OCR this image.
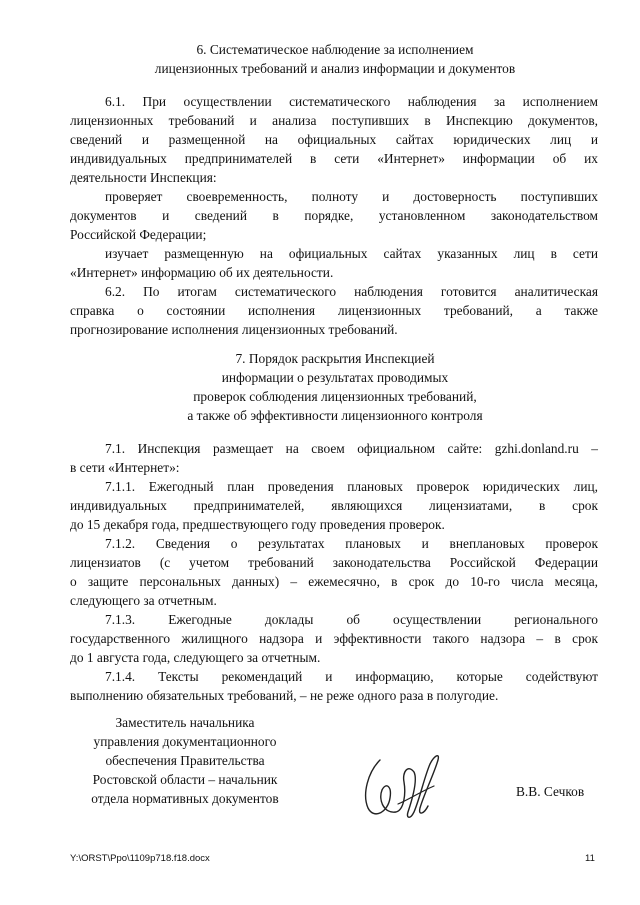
6. Систематическое наблюдение за исполнением
лицензионных требований и анализ информации и документов
6.1. При осуществлении систематического наблюдения за исполнением
лицензионных требований и анализа поступивших в Инспекцию документов,
сведений и размещенной на официальных сайтах юридических лиц и
индивидуальных предпринимателей в сети «Интернет» информации об их
деятельности Инспекция:
проверяет своевременность, полноту и достоверность поступивших
документов и сведений в порядке, установленном законодательством
Российской Федерации;
изучает размещенную на официальных сайтах указанных лиц в сети
«Интернет» информацию об их деятельности.
6.2. По итогам систематического наблюдения готовится аналитическая
справка о состоянии исполнения лицензионных требований, а также
прогнозирование исполнения лицензионных требований.
7. Порядок раскрытия Инспекцией
информации о результатах проводимых
проверок соблюдения лицензионных требований,
а также об эффективности лицензионного контроля
7.1. Инспекция размещает на своем официальном сайте: gzhi.donland.ru –
в сети «Интернет»:
7.1.1. Ежегодный план проведения плановых проверок юридических лиц,
индивидуальных предпринимателей, являющихся лицензиатами, в срок
до 15 декабря года, предшествующего году проведения проверок.
7.1.2. Сведения о результатах плановых и внеплановых проверок
лицензиатов (с учетом требований законодательства Российской Федерации
о защите персональных данных) – ежемесячно, в срок до 10-го числа месяца,
следующего за отчетным.
7.1.3. Ежегодные доклады об осуществлении регионального
государственного жилищного надзора и эффективности такого надзора – в срок
до 1 августа года, следующего за отчетным.
7.1.4. Тексты рекомендаций и информацию, которые содействуют
выполнению обязательных требований, – не реже одного раза в полугодие.
Заместитель начальника
управления документационного
обеспечения Правительства
Ростовской области – начальник
отдела нормативных документов	В.В. Сечков
Y:\ORST\Ppo\1109p718.f18.docx	11
